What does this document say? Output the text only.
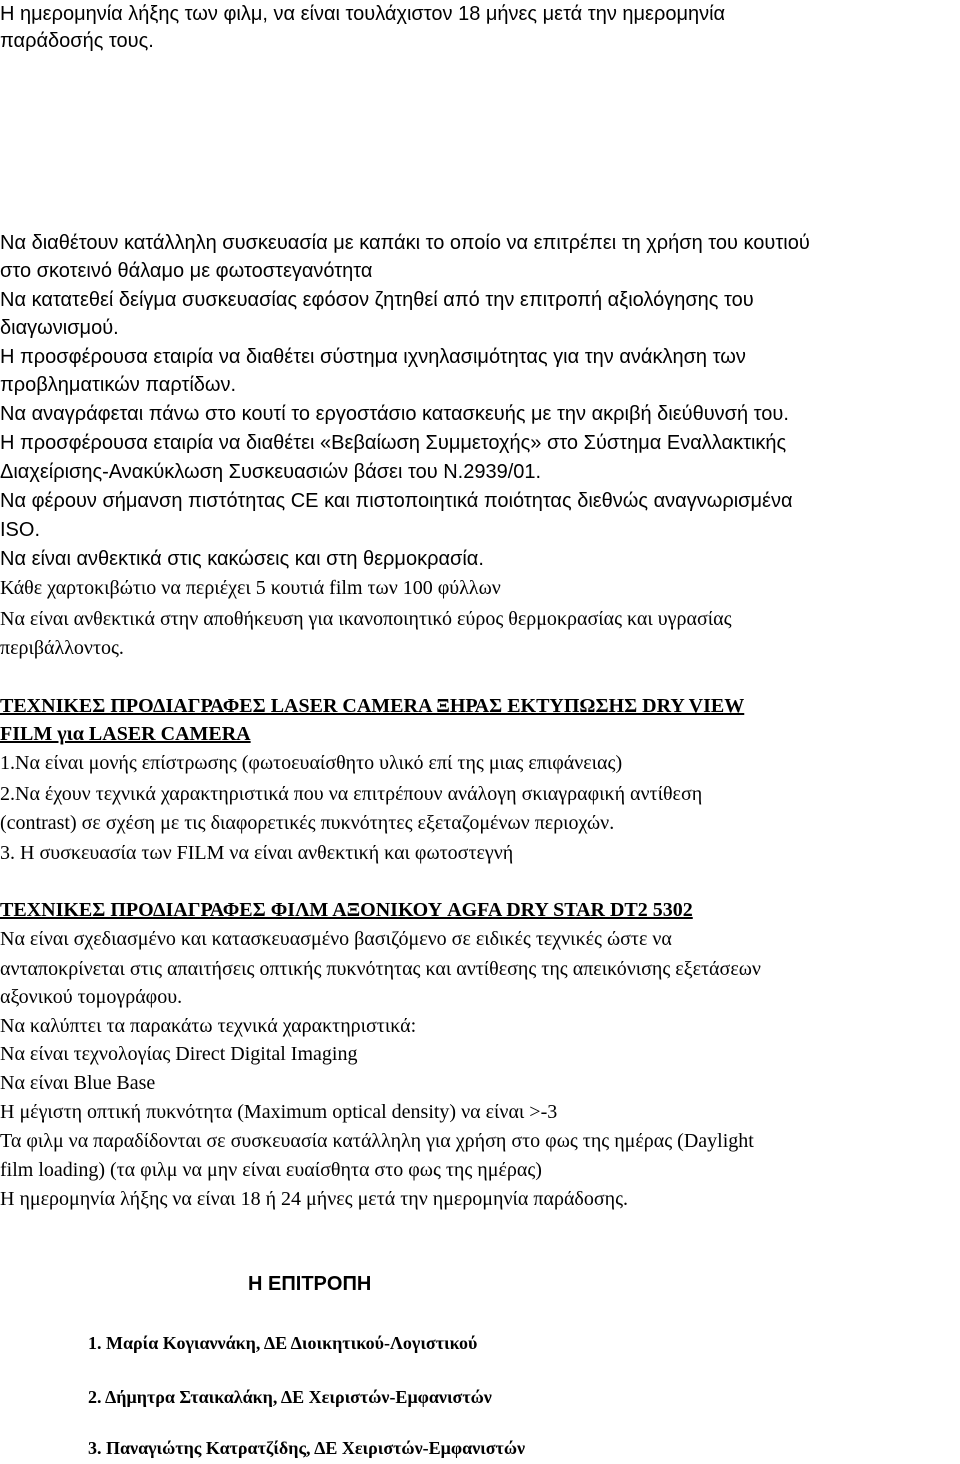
Η ημερομηνία λήξης των φιλμ, να είναι τουλάχιστον 18 μήνες μετά την ημερομηνία
παράδοσής τους.
Να διαθέτουν κατάλληλη συσκευασία με καπάκι το οποίο να επιτρέπει τη χρήση του κουτιού
στο σκοτεινό θάλαμο με φωτοστεγανότητα
Να κατατεθεί δείγμα συσκευασίας εφόσον ζητηθεί από την επιτροπή αξιολόγησης του
διαγωνισμού.
Η προσφέρουσα εταιρία να διαθέτει σύστημα ιχνηλασιμότητας για την ανάκληση των
προβληματικών παρτίδων.
Να αναγράφεται πάνω στο κουτί το εργοστάσιο κατασκευής με την ακριβή διεύθυνσή του.
Η προσφέρουσα εταιρία να διαθέτει «Βεβαίωση Συμμετοχής» στο Σύστημα Εναλλακτικής
Διαχείρισης-Ανακύκλωση Συσκευασιών βάσει του Ν.2939/01.
Να φέρουν σήμανση πιστότητας CE και πιστοποιητικά ποιότητας διεθνώς αναγνωρισμένα
ISO.
Να είναι ανθεκτικά στις κακώσεις και στη θερμοκρασία.
Κάθε χαρτοκιβώτιο να περιέχει 5 κουτιά film των 100 φύλλων
Να είναι ανθεκτικά στην αποθήκευση για ικανοποιητικό εύρος θερμοκρασίας και υγρασίας
περιβάλλοντος.
ΤΕΧΝΙΚΕΣ ΠΡΟΔΙΑΓΡΑΦΕΣ LASER CAMERA ΞΗΡΑΣ ΕΚΤΥΠΩΣΗΣ DRY VIEW
FILM για LASER CAMERA
1.Να είναι μονής επίστρωσης (φωτοευαίσθητο υλικό επί της μιας επιφάνειας)
2.Να έχουν τεχνικά χαρακτηριστικά που να επιτρέπουν ανάλογη σκιαγραφική αντίθεση
(contrast) σε σχέση με τις διαφορετικές πυκνότητες εξεταζομένων περιοχών.
3. Η συσκευασία των FILM να είναι ανθεκτική και φωτοστεγνή
ΤΕΧΝΙΚΕΣ ΠΡΟΔΙΑΓΡΑΦΕΣ ΦΙΛΜ ΑΞΟΝΙΚΟΥ AGFA DRY STAR DT2 5302
Να είναι σχεδιασμένο και κατασκευασμένο βασιζόμενο σε ειδικές τεχνικές ώστε να
ανταποκρίνεται στις απαιτήσεις οπτικής πυκνότητας και αντίθεσης της απεικόνισης εξετάσεων
αξονικού τομογράφου.
Να καλύπτει τα παρακάτω τεχνικά χαρακτηριστικά:
Να είναι τεχνολογίας Direct Digital Imaging
Να είναι Blue Base
Η μέγιστη οπτική πυκνότητα (Maximum optical density) να είναι >-3
Τα φιλμ να παραδίδονται σε συσκευασία κατάλληλη για χρήση στο φως της ημέρας (Daylight
film loading) (τα φιλμ να μην είναι ευαίσθητα στο φως της ημέρας)
Η ημερομηνία λήξης να είναι 18 ή 24 μήνες μετά την ημερομηνία παράδοσης.
Η ΕΠΙΤΡΟΠΗ
1. Μαρία Κογιαννάκη, ΔΕ Διοικητικού-Λογιστικού
2. Δήμητρα Σταικαλάκη, ΔΕ Χειριστών-Εμφανιστών
3. Παναγιώτης Κατρατζίδης, ΔΕ Χειριστών-Εμφανιστών
